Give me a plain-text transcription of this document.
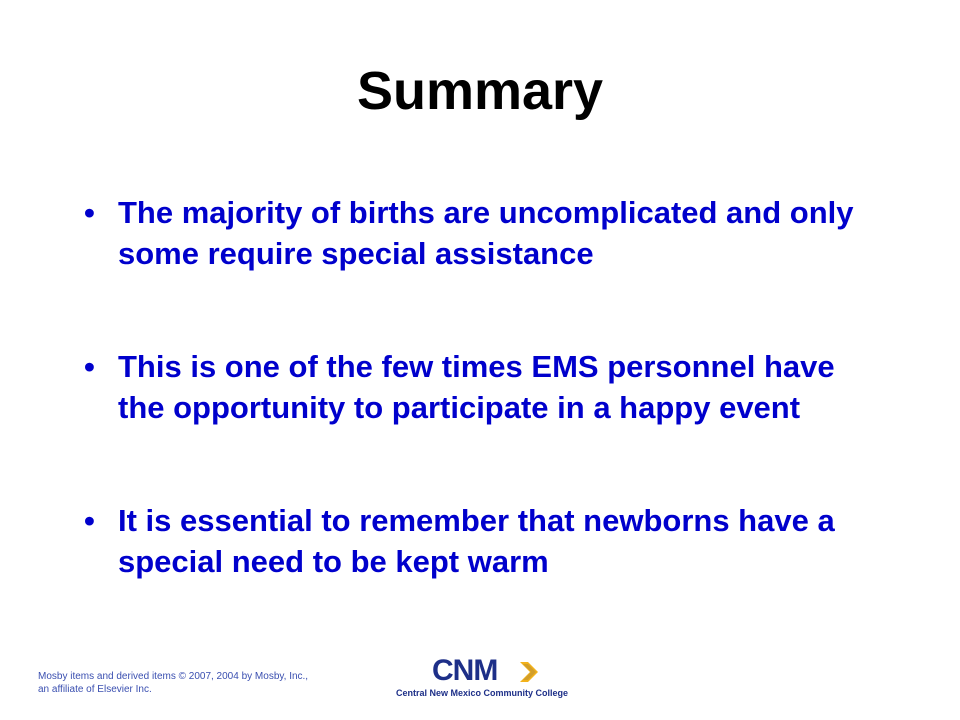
Summary
• The majority of births are uncomplicated and only some require special assistance
• This is one of the few times EMS personnel have the opportunity to participate in a happy event
• It is essential to remember that newborns have a special need to be kept warm
Mosby items and derived items © 2007, 2004 by Mosby, Inc.,
an affiliate of Elsevier Inc.
CNM
Central New Mexico Community College
